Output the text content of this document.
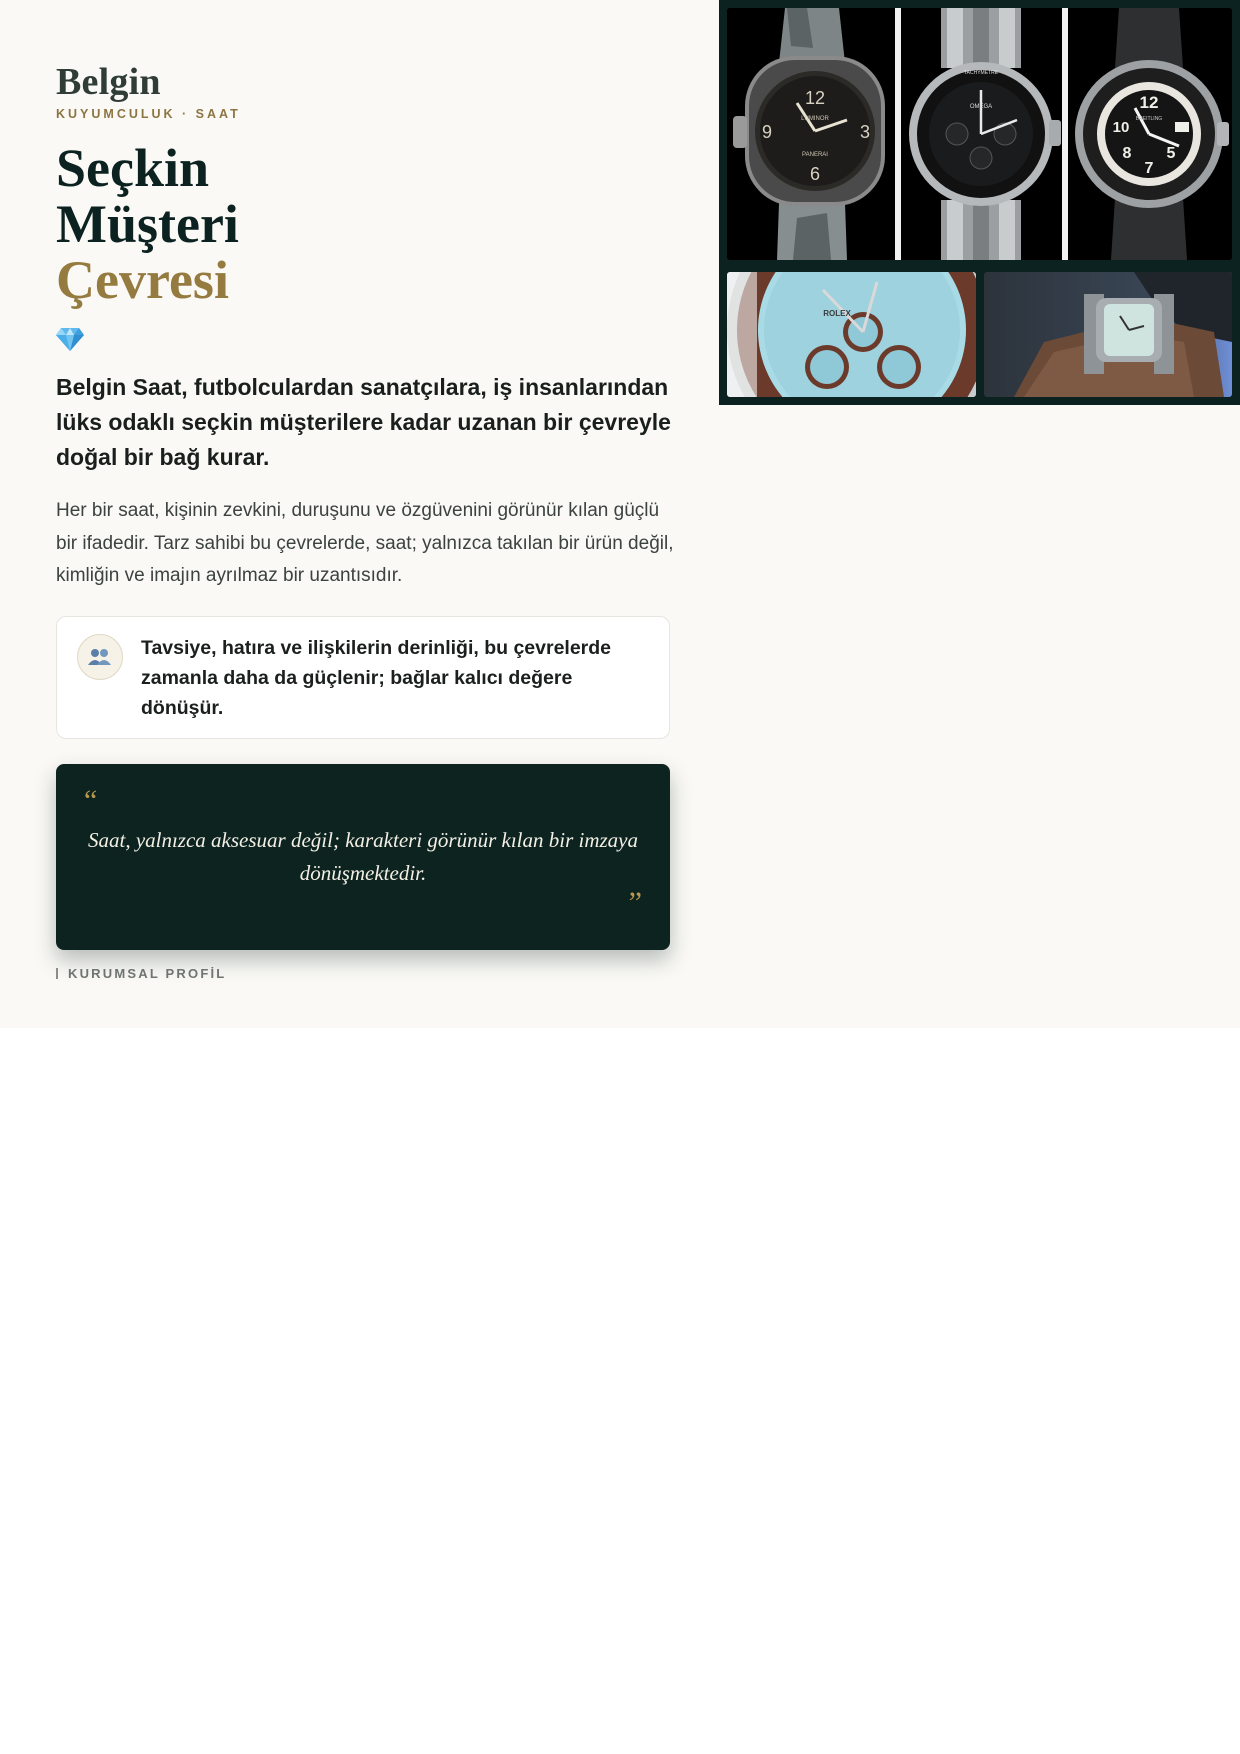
Belgin
KUYUMCULUK · SAAT
Seçkin
Müşteri
Çevresi

Belgin Saat, futbolculardan sanatçılara, iş insanlarından lüks odaklı seçkin müşterilere kadar uzanan bir çevreyle doğal bir bağ kurar.

Her bir saat, kişinin zevkini, duruşunu ve özgüvenini görünür kılan güçlü bir ifadedir. Tarz sahibi bu çevrelerde, saat; yalnızca takılan bir ürün değil, kimliğin ve imajın ayrılmaz bir uzantısıdır.

Tavsiye, hatıra ve ilişkilerin derinliği, bu çevrelerde zamanla daha da güçlenir; bağlar kalıcı değere dönüşür.

“

Saat, yalnızca aksesuar değil; karakteri görünür kılan bir imzaya dönüşmektedir.

”
KURUMSAL PROFİL
12
3
6
9
LUMINOR
PANERAI
OMEGA
TACHYMETRE
12
8
7
5
10 BREITLING
ROLEX
